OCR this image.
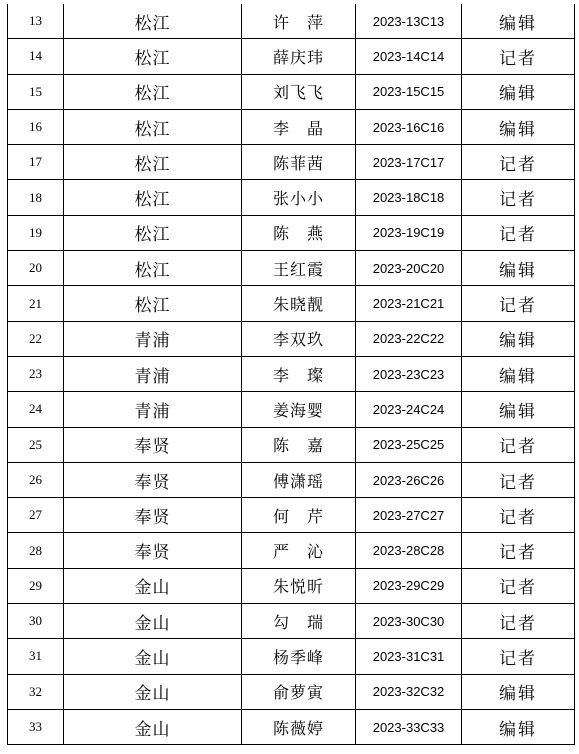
13	松江	许　萍	2023-13C13	编辑
14	松江	薛庆玮	2023-14C14	记者
15	松江	刘飞飞	2023-15C15	编辑
16	松江	李　晶	2023-16C16	编辑
17	松江	陈菲茜	2023-17C17	记者
18	松江	张小小	2023-18C18	记者
19	松江	陈　燕	2023-19C19	记者
20	松江	王红霞	2023-20C20	编辑
21	松江	朱晓靓	2023-21C21	记者
22	青浦	李双玖	2023-22C22	编辑
23	青浦	李　璨	2023-23C23	编辑
24	青浦	姜海婴	2023-24C24	编辑
25	奉贤	陈　嘉	2023-25C25	记者
26	奉贤	傅潇瑶	2023-26C26	记者
27	奉贤	何　芹	2023-27C27	记者
28	奉贤	严　沁	2023-28C28	记者
29	金山	朱悦昕	2023-29C29	记者
30	金山	勾　瑞	2023-30C30	记者
31	金山	杨季峰	2023-31C31	记者
32	金山	俞萝寅	2023-32C32	编辑
33	金山	陈薇婷	2023-33C33	编辑
